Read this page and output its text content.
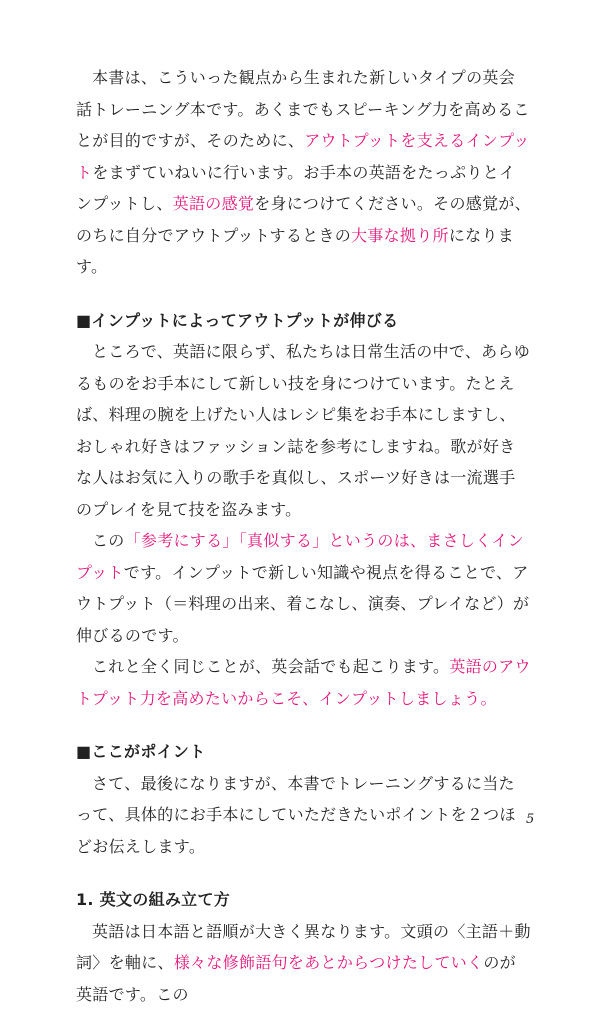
本書は、こういった観点から生まれた新しいタイプの英会話トレーニング本です。あくまでもスピーキング力を高めることが目的ですが、そのために、アウトプットを支えるインプットをまずていねいに行います。お手本の英語をたっぷりとインプットし、英語の感覚を身につけてください。その感覚が、のちに自分でアウトプットするときの大事な拠り所になります。

■インプットによってアウトプットが伸びる

ところで、英語に限らず、私たちは日常生活の中で、あらゆるものをお手本にして新しい技を身につけています。たとえば、料理の腕を上げたい人はレシピ集をお手本にしますし、おしゃれ好きはファッション誌を参考にしますね。歌が好きな人はお気に入りの歌手を真似し、スポーツ好きは一流選手のプレイを見て技を盗みます。

この「参考にする」「真似する」というのは、まさしくインプットです。インプットで新しい知識や視点を得ることで、アウトプット（＝料理の出来、着こなし、演奏、プレイなど）が伸びるのです。

これと全く同じことが、英会話でも起こります。英語のアウトプット力を高めたいからこそ、インプットしましょう。

■ここがポイント

さて、最後になりますが、本書でトレーニングするに当たって、具体的にお手本にしていただきたいポイントを２つほどお伝えします。

1. 英文の組み立て方

英語は日本語と語順が大きく異なります。文頭の〈主語＋動詞〉を軸に、様々な修飾語句をあとからつけたしていくのが英語です。この

5
